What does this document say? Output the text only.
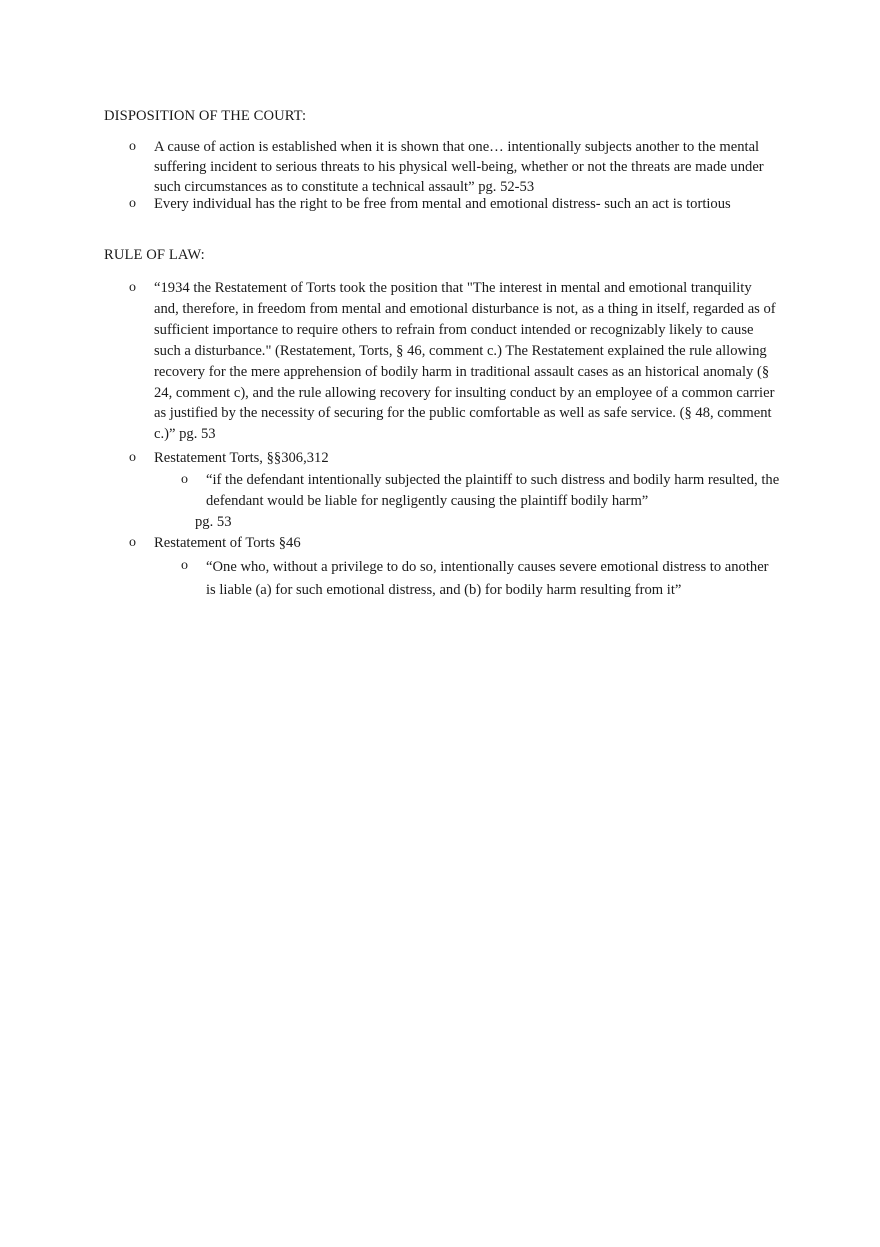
DISPOSITION OF THE COURT:
o A cause of action is established when it is shown that one… intentionally subjects another to the mental suffering incident to serious threats to his physical well-being, whether or not the threats are made under such circumstances as to constitute a technical assault” pg. 52-53
o Every individual has the right to be free from mental and emotional distress- such an act is tortious
RULE OF LAW:
o “1934 the Restatement of Torts took the position that "The interest in mental and emotional tranquility and, therefore, in freedom from mental and emotional disturbance is not, as a thing in itself, regarded as of sufficient importance to require others to refrain from conduct intended or recognizably likely to cause such a disturbance." (Restatement, Torts, § 46, comment c.) The Restatement explained the rule allowing recovery for the mere apprehension of bodily harm in traditional assault cases as an historical anomaly (§ 24, comment c), and the rule allowing recovery for insulting conduct by an employee of a common carrier as justified by the necessity of securing for the public comfortable as well as safe service. (§ 48, comment c.)” pg. 53
o Restatement Torts, §§306,312
o “if the defendant intentionally subjected the plaintiff to such distress and bodily harm resulted, the defendant would be liable for negligently causing the plaintiff bodily harm”
pg. 53
o Restatement of Torts §46
o “One who, without a privilege to do so, intentionally causes severe emotional distress to another is liable (a) for such emotional distress, and (b) for bodily harm resulting from it”
